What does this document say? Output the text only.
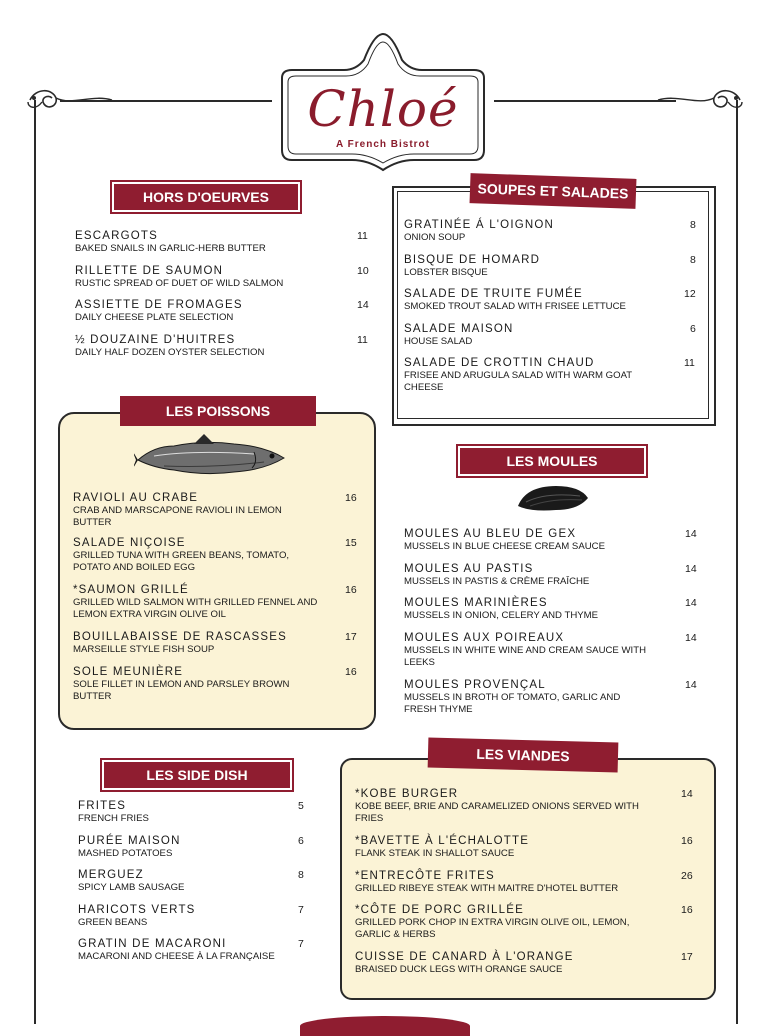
Chloé
A French Bistrot
HORS D'OEURVES
ESCARGOTS
BAKED SNAILS IN GARLIC-HERB BUTTER
11
RILLETTE DE SAUMON
RUSTIC SPREAD OF DUET OF WILD SALMON
10
ASSIETTE DE FROMAGES
DAILY CHEESE PLATE SELECTION
14
½ DOUZAINE D'HUITRES
DAILY HALF DOZEN OYSTER SELECTION
11
SOUPES ET SALADES
GRATINÉE Á L'OIGNON
ONION SOUP
8
BISQUE DE HOMARD
LOBSTER BISQUE
8
SALADE DE TRUITE FUMÉE
SMOKED TROUT SALAD WITH FRISEE LETTUCE
12
SALADE MAISON
HOUSE SALAD
6
SALADE DE CROTTIN CHAUD
FRISEE AND ARUGULA SALAD WITH WARM GOAT CHEESE
11
LES POISSONS
RAVIOLI AU CRABE
CRAB AND MARSCAPONE RAVIOLI IN LEMON BUTTER
16
SALADE NIÇOISE
GRILLED TUNA WITH GREEN BEANS, TOMATO, POTATO AND BOILED EGG
15
*SAUMON GRILLÉ
GRILLED WILD SALMON WITH GRILLED FENNEL AND LEMON EXTRA VIRGIN OLIVE OIL
16
BOUILLABAISSE DE RASCASSES
MARSEILLE STYLE FISH SOUP
17
SOLE MEUNIÈRE
SOLE FILLET IN LEMON AND PARSLEY BROWN BUTTER
16
LES MOULES
MOULES AU BLEU DE GEX
MUSSELS IN BLUE CHEESE CREAM SAUCE
14
MOULES AU PASTIS
MUSSELS IN PASTIS & CRÈME FRAÎCHE
14
MOULES MARINIÈRES
MUSSELS IN ONION, CELERY AND THYME
14
MOULES AUX POIREAUX
MUSSELS IN WHITE WINE AND CREAM SAUCE WITH LEEKS
14
MOULES PROVENÇAL
MUSSELS IN BROTH OF TOMATO, GARLIC AND FRESH THYME
14
LES SIDE DISH
FRITES
FRENCH FRIES
5
PURÉE MAISON
MASHED POTATOES
6
MERGUEZ
SPICY LAMB SAUSAGE
8
HARICOTS VERTS
GREEN BEANS
7
GRATIN DE MACARONI
MACARONI AND CHEESE À LA FRANÇAISE
7
LES VIANDES
*KOBE BURGER
KOBE BEEF, BRIE AND CARAMELIZED ONIONS SERVED WITH FRIES
14
*BAVETTE À L'ÉCHALOTTE
FLANK STEAK IN SHALLOT SAUCE
16
*ENTRECÔTE FRITES
GRILLED RIBEYE STEAK WITH MAITRE D'HOTEL BUTTER
26
*CÔTE DE PORC GRILLÉE
GRILLED PORK CHOP IN EXTRA VIRGIN OLIVE OIL, LEMON, GARLIC & HERBS
16
CUISSE DE CANARD À L'ORANGE
BRAISED DUCK LEGS WITH ORANGE SAUCE
17
